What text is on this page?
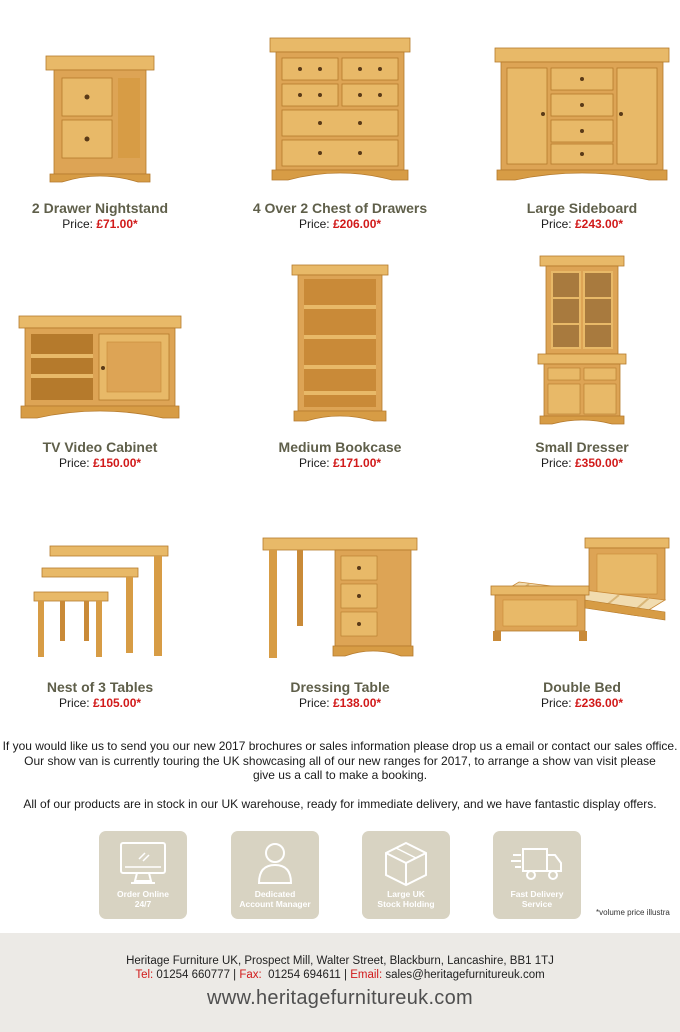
2 Drawer Nightstand
Price: £71.00*
4 Over 2 Chest of Drawers
Price: £206.00*
Large Sideboard
Price: £243.00*
TV Video Cabinet
Price: £150.00*
Medium Bookcase
Price: £171.00*
Small Dresser
Price: £350.00*
Nest of 3 Tables
Price: £105.00*
Dressing Table
Price: £138.00*
Double Bed
Price: £236.00*
If you would like us to send you our new 2017 brochures or sales information please drop us a email or contact our sales office.
Our show van is currently touring the UK showcasing all of our new ranges for 2017, to arrange a show van visit please
give us a call to make a booking.
All of our products are in stock in our UK warehouse, ready for immediate delivery, and we have fantastic display offers.
Order Online
24/7
Dedicated
Account Manager
Large UK
Stock Holding
Fast Delivery
Service
*volume price illustra
Heritage Furniture UK, Prospect Mill, Walter Street, Blackburn, Lancashire, BB1 1TJ
Tel: 01254 660777 | Fax:  01254 694611 | Email: sales@heritagefurnitureuk.com
www.heritagefurnitureuk.com
